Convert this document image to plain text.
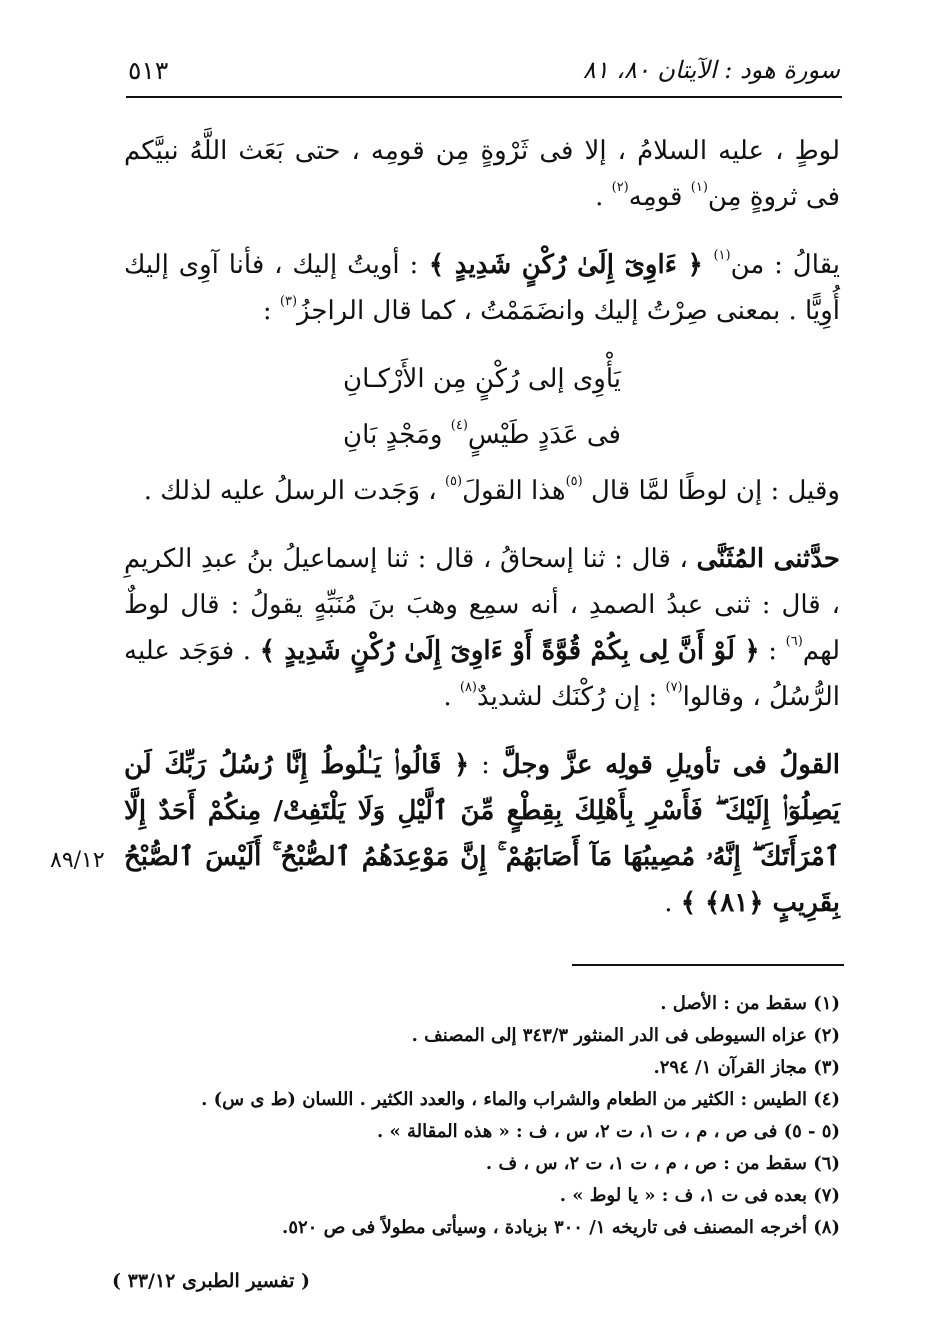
سورة هود : الآيتان ٨٠، ٨١
٥١٣

لوطٍ ، عليه السلامُ ، إلا فى ثَرْوةٍ مِن قومِه ، حتى بَعَث اللَّهُ نبيَّكم فى ثروةٍ مِن$^{(١)}$ قومِه$^{(٢)}$ .

يقالُ : من$^{(١)}$ ﴿ ءَاوِىٓ إِلَىٰ رُكْنٍ شَدِيدٍ ﴾ : أويتُ إليك ، فأنا آوِى إليك أُوِيًّا . بمعنى صِرْتُ إليك وانضَمَمْتُ ، كما قال الراجزُ$^{(٣)}$ :

يَأْوِى إلى رُكْنٍ مِن الأَرْكـانِ
فى عَدَدٍ طَيْسٍ$^{(٤)}$ ومَجْدٍ بَانِ

وقيل : إن لوطًا لمَّا قال $^{(٥)}$هذا القولَ$^{(٥)}$ ، وَجَدت الرسلُ عليه لذلك .

حدَّثنى المُثَنَّى ، قال : ثنا إسحاقُ ، قال : ثنا إسماعيلُ بنُ عبدِ الكريمِ ، قال : ثنى عبدُ الصمدِ ، أنه سمِع وهبَ بنَ مُنَبِّهٍ يقولُ : قال لوطٌ لهم$^{(٦)}$ : ﴿ لَوْ أَنَّ لِى بِكُمْ قُوَّةً أَوْ ءَاوِىٓ إِلَىٰ رُكْنٍ شَدِيدٍ ﴾ . فوَجَد عليه الرُّسُلُ ، وقالوا$^{(٧)}$ : إن رُكْنَك لشديدٌ$^{(٨)}$ .

القولُ فى تأويلِ قولِه عزَّ وجلَّ : ﴿ قَالُوا۟ يَـٰلُوطُ إِنَّا رُسُلُ رَبِّكَ لَن يَصِلُوٓا۟ إِلَيْكَ ۖ فَأَسْرِ بِأَهْلِكَ بِقِطْعٍ مِّنَ ٱلَّيْلِ وَلَا يَلْتَفِتْ/ مِنكُمْ أَحَدٌ إِلَّا ٱمْرَأَتَكَ ۖ إِنَّهُۥ مُصِيبُهَا مَآ أَصَابَهُمْ ۚ إِنَّ مَوْعِدَهُمُ ٱلصُّبْحُ ۚ أَلَيْسَ ٱلصُّبْحُ بِقَرِيبٍ ﴿٨١﴾ ﴾ .

٨٩/١٢
(١) سقط من : الأصل .
(٢) عزاه السيوطى فى الدر المنثور ٣٤٣/٣ إلى المصنف .
(٣) مجاز القرآن ١/ ٢٩٤.
(٤) الطيس : الكثير من الطعام والشراب والماء ، والعدد الكثير . اللسان (ط ى س) .
(٥ - ٥) فى ص ، م ، ت ١، ت ٢، س ، ف : « هذه المقالة » .
(٦) سقط من : ص ، م ، ت ١، ت ٢، س ، ف .
(٧) بعده فى ت ١، ف : « يا لوط » .
(٨) أخرجه المصنف فى تاريخه ١/ ٣٠٠ بزيادة ، وسيأتى مطولاً فى ص ٥٢٠.
( تفسير الطبرى ٣٣/١٢ )
